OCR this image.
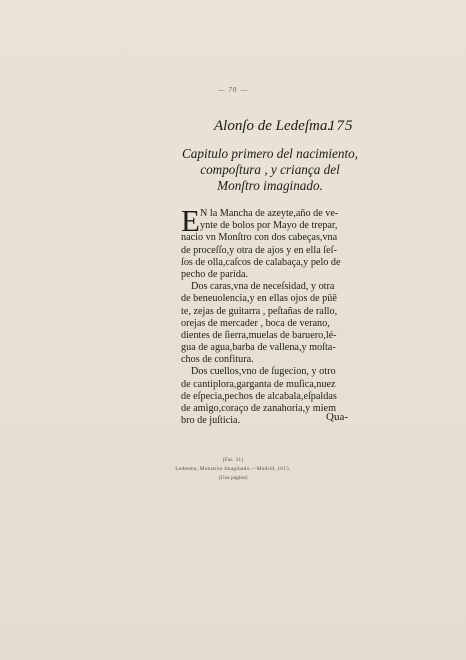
— 70 —
Alonſo de Ledeſma.
175
Capitulo primero del nacimiento,
compoſtura , y criança del
Monſtro imaginado.
E N la Mancha de azeyte,año de ve-
ynte de bolos por Mayo de trepar,
nacio vn Monſtro con dos cabeças,vna
de proceſſo,y otra de ajos y en ella ſeſ-
ſos de olla,caſcos de calabaça,y pelo de
pecho de parida.
Dos caras,vna de neceſsidad, y otra
de beneuolencia,y en ellas ojos de pūē
te, zejas de guitarra , peſtañas de rallo,
orejas de mercader , boca de verano,
dientes de ſierra,muelas de baruero,lé-
gua de agua,barba de vallena,y moſta-
chos de confitura.
Dos cuellos,vno de ſugecion, y otro
de cantiplora,garganta de muſica,nuez
de eſpecia,pechos de alcabala,eſpaldas
de amigo,coraço de zanahoria,y miem
bro de juſticia.	Qua-
[Fac. 31]
Ledesma, Monstruo Imaginado.—Madrid, 1615.
(Una página)
